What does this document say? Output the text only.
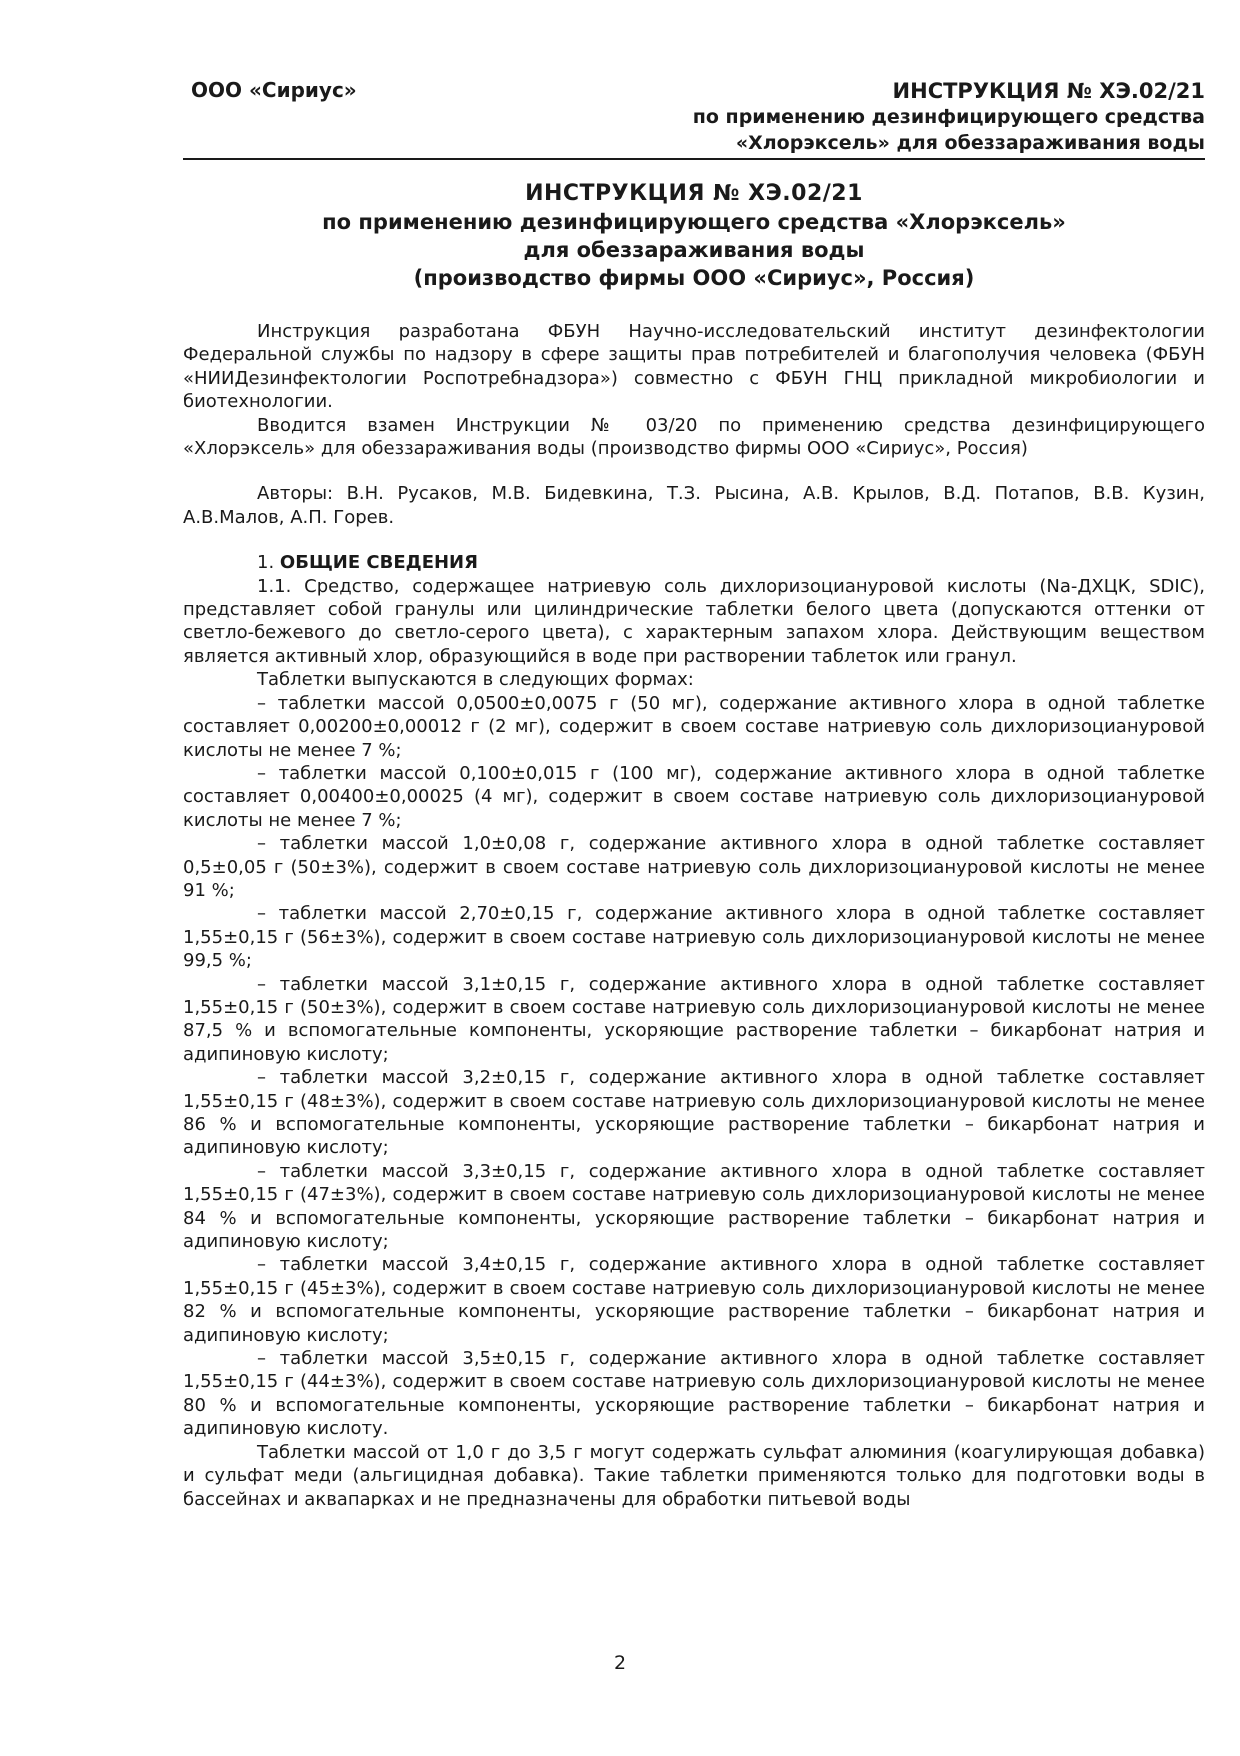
ООО «Сириус»	ИНСТРУКЦИЯ № ХЭ.02/21
по применению дезинфицирующего средства
«Хлорэксель» для обеззараживания воды
ИНСТРУКЦИЯ № ХЭ.02/21
по применению дезинфицирующего средства «Хлорэксель»
для обеззараживания воды
(производство фирмы ООО «Сириус», Россия)

Инструкция разработана ФБУН Научно-исследовательский институт дезинфектологии Федеральной службы по надзору в сфере защиты прав потребителей и благополучия человека (ФБУН «НИИДезинфектологии Роспотребнадзора») совместно с ФБУН ГНЦ прикладной микробиологии и биотехнологии.

Вводится взамен Инструкции № 03/20 по применению средства дезинфицирующего «Хлорэксель» для обеззараживания воды (производство фирмы ООО «Сириус», Россия)

Авторы: В.Н. Русаков, М.В. Бидевкина, Т.З. Рысина, А.В. Крылов, В.Д. Потапов, В.В. Кузин, А.В.Малов, А.П. Горев.

1. ОБЩИЕ СВЕДЕНИЯ

1.1. Средство, содержащее натриевую соль дихлоризоциануровой кислоты (Na-ДХЦК, SDIC), представляет собой гранулы или цилиндрические таблетки белого цвета (допускаются оттенки от светло-бежевого до светло-серого цвета), с характерным запахом хлора. Действующим веществом является активный хлор, образующийся в воде при растворении таблеток или гранул.

Таблетки выпускаются в следующих формах:

– таблетки массой 0,0500±0,0075 г (50 мг), содержание активного хлора в одной таблетке составляет 0,00200±0,00012 г (2 мг), содержит в своем составе натриевую соль дихлоризоциануровой кислоты не менее 7 %;

– таблетки массой 0,100±0,015 г (100 мг), содержание активного хлора в одной таблетке составляет 0,00400±0,00025 (4 мг), содержит в своем составе натриевую соль дихлоризоциануровой кислоты не менее 7 %;

– таблетки массой 1,0±0,08 г, содержание активного хлора в одной таблетке составляет 0,5±0,05 г (50±3%), содержит в своем составе натриевую соль дихлоризоциануровой кислоты не менее 91 %;

– таблетки массой 2,70±0,15 г, содержание активного хлора в одной таблетке составляет 1,55±0,15 г (56±3%), содержит в своем составе натриевую соль дихлоризоциануровой кислоты не менее 99,5 %;

– таблетки массой 3,1±0,15 г, содержание активного хлора в одной таблетке составляет 1,55±0,15 г (50±3%), содержит в своем составе натриевую соль дихлоризоциануровой кислоты не менее 87,5 % и вспомогательные компоненты, ускоряющие растворение таблетки – бикарбонат натрия и адипиновую кислоту;

– таблетки массой 3,2±0,15 г, содержание активного хлора в одной таблетке составляет 1,55±0,15 г (48±3%), содержит в своем составе натриевую соль дихлоризоциануровой кислоты не менее 86 % и вспомогательные компоненты, ускоряющие растворение таблетки – бикарбонат натрия и адипиновую кислоту;

– таблетки массой 3,3±0,15 г, содержание активного хлора в одной таблетке составляет 1,55±0,15 г (47±3%), содержит в своем составе натриевую соль дихлоризоциануровой кислоты не менее 84 % и вспомогательные компоненты, ускоряющие растворение таблетки – бикарбонат натрия и адипиновую кислоту;

– таблетки массой 3,4±0,15 г, содержание активного хлора в одной таблетке составляет 1,55±0,15 г (45±3%), содержит в своем составе натриевую соль дихлоризоциануровой кислоты не менее 82 % и вспомогательные компоненты, ускоряющие растворение таблетки – бикарбонат натрия и адипиновую кислоту;

– таблетки массой 3,5±0,15 г, содержание активного хлора в одной таблетке составляет 1,55±0,15 г (44±3%), содержит в своем составе натриевую соль дихлоризоциануровой кислоты не менее 80 % и вспомогательные компоненты, ускоряющие растворение таблетки – бикарбонат натрия и адипиновую кислоту.

Таблетки массой от 1,0 г до 3,5 г могут содержать сульфат алюминия (коагулирующая добавка) и сульфат меди (альгицидная добавка). Такие таблетки применяются только для подготовки воды в бассейнах и аквапарках и не предназначены для обработки питьевой воды

2
